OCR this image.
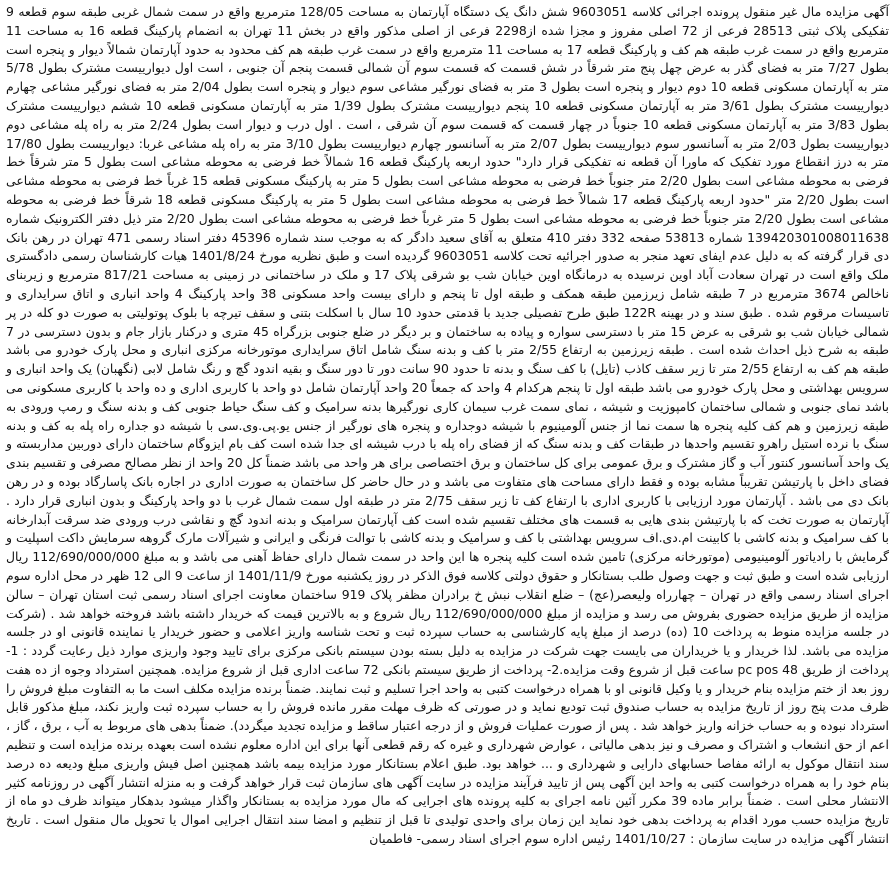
آگهی مزایده مال غیر منقول پرونده اجرائی کلاسه 9603051 شش دانگ یک دستگاه آپارتمان به مساحت 128/05 مترمربع واقع در سمت شمال غربی طبقه سوم قطعه 9 تفکیکی پلاک ثبتی 28513 فرعی از 72 اصلی مفروز و مجزا شده از2298 فرعی از اصلی مذکور واقع در بخش 11 تهران به انضمام پارکینگ قطعه 16 به مساحت 11 مترمربع واقع در سمت غرب طبقه هم کف و پارکینگ قطعه 17 به مساحت 11 مترمربع واقع در سمت غرب طبقه هم کف محدود به حدود آپارتمان شمالاً دیوار و پنجره است بطول 7/27 متر به فضای گذر به عرض چهل پنج متر شرقاً در شش قسمت که قسمت سوم آن شمالی قسمت پنجم آن جنوبی ، است اول دیوارییست مشترک بطول 5/78 متر به آپارتمان مسکونی قطعه 10 دوم دیوار و پنجره است بطول 3 متر به فضای نورگیر مشاعی سوم دیوار و پنجره است بطول 2/04 متر به فضای نورگیر مشاعی چهارم دیوارییست مشترک بطول 3/61 متر به آپارتمان مسکونی قطعه 10 پنجم دیوارییست مشترک بطول 1/39 متر به آپارتمان مسکونی قطعه 10 ششم دیوارییست مشترک بطول 3/83 متر به آپارتمان مسکونی قطعه 10 جنوباً در چهار قسمت که قسمت سوم آن شرقی ، است . اول درب و دیوار است بطول 2/24 متر به راه پله مشاعی دوم دیوارییست بطول 2/03 متر به آسانسور سوم دیوارییست بطول 2/07 متر به آسانسور چهارم دیوارییست بطول 3/10 متر به راه پله مشاعی غربا: دیوارییست بطول 17/80 متر به درز انقطاع مورد تفکیک که ماورا آن قطعه نه تفکیکی قرار دارد" حدود اربعه پارکینگ قطعه 16 شمالاً خط فرضی به محوطه مشاعی است بطول 5 متر شرقاً خط فرضی به محوطه مشاعی است بطول 2/20 متر جنوباً خط فرضی به محوطه مشاعی است بطول 5 متر به پارکینگ مسکونی قطعه 15 غرباً خط فرضی به محوطه مشاعی است بطول 2/20 متر "حدود اربعه پارکینگ قطعه 17 شمالاً خط فرضی به محوطه مشاعی است بطول 5 متر به پارکینگ مسکونی قطعه 18 شرقاً خط فرضی به محوطه مشاعی است بطول 2/20 متر جنوباً خط فرضی به محوطه مشاعی است بطول 5 متر غرباً خط فرضی به محوطه مشاعی است بطول 2/20 متر ذیل دفتر الکترونیک شماره 139420301008011638 شماره 53813 صفحه 332 دفتر 410 متعلق به آقای سعید دادگر که به موجب سند شماره 45396 دفتر اسناد رسمی 471 تهران در رهن بانک دی قرار گرفته که به دلیل عدم ایفای تعهد منجر به صدور اجرائیه تحت کلاسه 9603051 گردیده است و طبق نظریه مورخ 1401/8/24 هیات کارشناسان رسمی دادگستری ملک واقع است در تهران سعادت آباد اوین نرسیده به درمانگاه اوین خیابان شب بو شرقی پلاک 17 و ملک در ساختمانی در زمینی به مساحت 817/21 مترمربع و زیربنای ناخالص 3674 مترمربع در 7 طبقه شامل زیرزمین طبقه همکف و طبقه اول تا پنجم و دارای بیست واحد مسکونی 38 واحد پارکینگ 4 واحد انباری و اتاق سرایداری و تاسیسات مرقوم شده . طبق سند و در بهینه 122R طبق طرح تفصیلی جدید با قدمتی حدود 10 سال با اسکلت بتنی و سقف تیرچه با بلوک پوتولیتی به صورت دو کله در پر شمالی خیابان شب بو شرقی به عرض 15 متر با دسترسی سواره و پیاده به ساختمان و بر دیگر در ضلع جنوبی بزرگراه 45 متری و درکنار بازار جام و بدون دسترسی در 7 طبقه به شرح ذیل احداث شده است . طبقه زیرزمین به ارتفاع 2/55 متر با کف و بدنه سنگ شامل اتاق سرایداری موتورخانه مرکزی انباری و محل پارک خودرو می باشد طبقه هم کف به ارتفاع 2/55 متر تا زیر سقف کاذب (تایل) با کف سنگ و بدنه تا حدود 90 سانت دور تا دور سنگ و بقیه اندود گچ و رنگ شامل لابی (نگهبان) یک واحد انباری و سرویس بهداشتی و محل پارک خودرو می باشد طبقه اول تا پنجم هرکدام 4 واحد که جمعاً 20 واحد آپارتمان شامل دو واحد با کاربری اداری و ده واحد با کاربری مسکونی می باشد نمای جنوبی و شمالی ساختمان کامپوزیت و شیشه ، نمای سمت غرب سیمان کاری نورگیرها بدنه سرامیک و کف سنگ حیاط جنوبی کف و بدنه سنگ و رمپ ورودی به طبقه زیرزمین و هم کف کلیه پنجره ها سمت نما از جنس آلومینیوم با شیشه دوجداره و پنجره های نورگیر از جنس یو.پی.وی.سی با شیشه دو جداره راه پله به کف و بدنه سنگ با نرده استیل راهرو تقسیم واحدها در طبقات کف و بدنه سنگ که از فضای راه پله با درب شیشه ای جدا شده است کف بام ایزوگام ساختمان دارای دوربین مداربسته و یک واحد آسانسور کنتور آب و گاز مشترک و برق عمومی برای کل ساختمان و برق اختصاصی برای هر واحد می باشد ضمناً کل 20 واحد از نظر مصالح مصرفی و تقسیم بندی فضای داخل با پارتیشن تقریباً مشابه بوده و فقط دارای مساحت های متفاوت می باشد و در حال حاضر کل ساختمان به صورت اداری در اجاره بانک پاسارگاد بوده و در رهن بانک دی می باشد . آپارتمان مورد ارزیابی با کاربری اداری با ارتفاع کف تا زیر سقف 2/75 متر در طبقه اول سمت شمال غرب با دو واحد پارکینگ و بدون انباری قرار دارد . آپارتمان به صورت تخت که با پارتیشن بندی هایی به قسمت های مختلف تقسیم شده است کف آپارتمان سرامیک و بدنه اندود گچ و نقاشی درب ورودی ضد سرقت آبدارخانه با کف سرامیک و بدنه کاشی با کابینت ام.دی.اف سرویس بهداشتی با کف و سرامیک و بدنه کاشی با توالت فرنگی و ایرانی و شیرآلات مارک گروهه سرمایش داکت اسپلیت و گرمایش با رادیاتور آلومینیومی (موتورخانه مرکزی) تامین شده است کلیه پنجره ها این واحد در سمت شمال دارای حفاظ آهنی می باشد و به مبلغ 112/690/000/000 ریال ارزیابی شده است و طبق ثبت و جهت وصول طلب بستانکار و حقوق دولتی کلاسه فوق الذکر در روز یکشنبه مورخ 1401/11/9 از ساعت 9 الی 12 ظهر در محل اداره سوم اجرای اسناد رسمی واقع در تهران – چهارراه ولیعصر(عج) – ضلع انقلاب نبش خ برادران مظفر پلاک 919 ساختمان معاونت اجرای اسناد رسمی ثبت استان تهران – سالن مزایده از طریق مزایده حضوری بفروش می رسد و مزایده از مبلغ 112/690/000/000 ریال شروع و به بالاترین قیمت که خریدار داشته باشد فروخته خواهد شد . (شرکت در جلسه مزایده منوط به پرداخت 10 (ده) درصد از مبلغ پایه کارشناسی به حساب سپرده ثبت و تحت شناسه واریز اعلامی و حضور خریدار یا نماینده قانونی او در جلسه مزایده می باشد. لذا خریدار و یا خریداران می بایست جهت شرکت در مزایده به دلیل بسته بودن سیستم بانکی مرکزی برای تایید وجود واریزی موارد ذیل رعایت گردد : 1- پرداخت از طریق pc pos 48 ساعت قبل از شروع وقت مزایده.2- پرداخت از طریق سیستم بانکی 72 ساعت اداری قبل از شروع مزایده. همچنین استرداد وجوه از ده هفت روز بعد از ختم مزایده بنام خریدار و یا وکیل قانونی او با همراه درخواست کتبی به واحد اجرا تسلیم و ثبت نمایند. ضمناً برنده مزایده مکلف است ما به التفاوت مبلغ فروش را ظرف مدت پنج روز از تاریخ مزایده به حساب صندوق ثبت تودیع نماید و در صورتی که ظرف مهلت مقرر مانده فروش را به حساب سپرده ثبت واریز نکند، مبلغ مذکور قابل استرداد نبوده و به حساب خزانه واریز خواهد شد . پس از صورت عملیات فروش و از درجه اعتبار ساقط و مزایده تجدید میگردد). ضمناً بدهی های مربوط به آب ، برق ، گاز ، اعم از حق انشعاب و اشتراک و مصرف و نیز بدهی مالیاتی ، عوارض شهرداری و غیره که رقم قطعی آنها برای این اداره معلوم نشده است بعهده برنده مزایده است و تنظیم سند انتقال موکول به ارائه مفاصا حسابهای دارایی و شهرداری و ... خواهد بود. طبق اعلام بستانکار مورد مزایده بیمه باشد همچنین اصل فیش واریزی مبلغ ودیعه ده درصد بنام خود را به همراه درخواست کتبی به واحد این آگهی پس از تایید فرآیند مزایده در سایت آگهی های سازمان ثبت قرار خواهد گرفت و به منزله انتشار آگهی در روزنامه کثیر الانتشار محلی است . ضمناً برابر ماده 39 مکرر آئین نامه اجرای به کلیه پرونده های اجرایی که مال مورد مزایده به بستانکار واگذار میشود بدهکار میتواند ظرف دو ماه از تاریخ مزایده حسب مورد اقدام به پرداخت بدهی خود نماید این زمان برای واحدی تولیدی تا قبل از تنظیم و امضا سند انتقال اجرایی اموال یا تحویل مال منقول است . تاریخ انتشار آگهی مزایده در سایت سازمان : 1401/10/27 رئیس اداره سوم اجرای اسناد رسمی- فاطمیان
